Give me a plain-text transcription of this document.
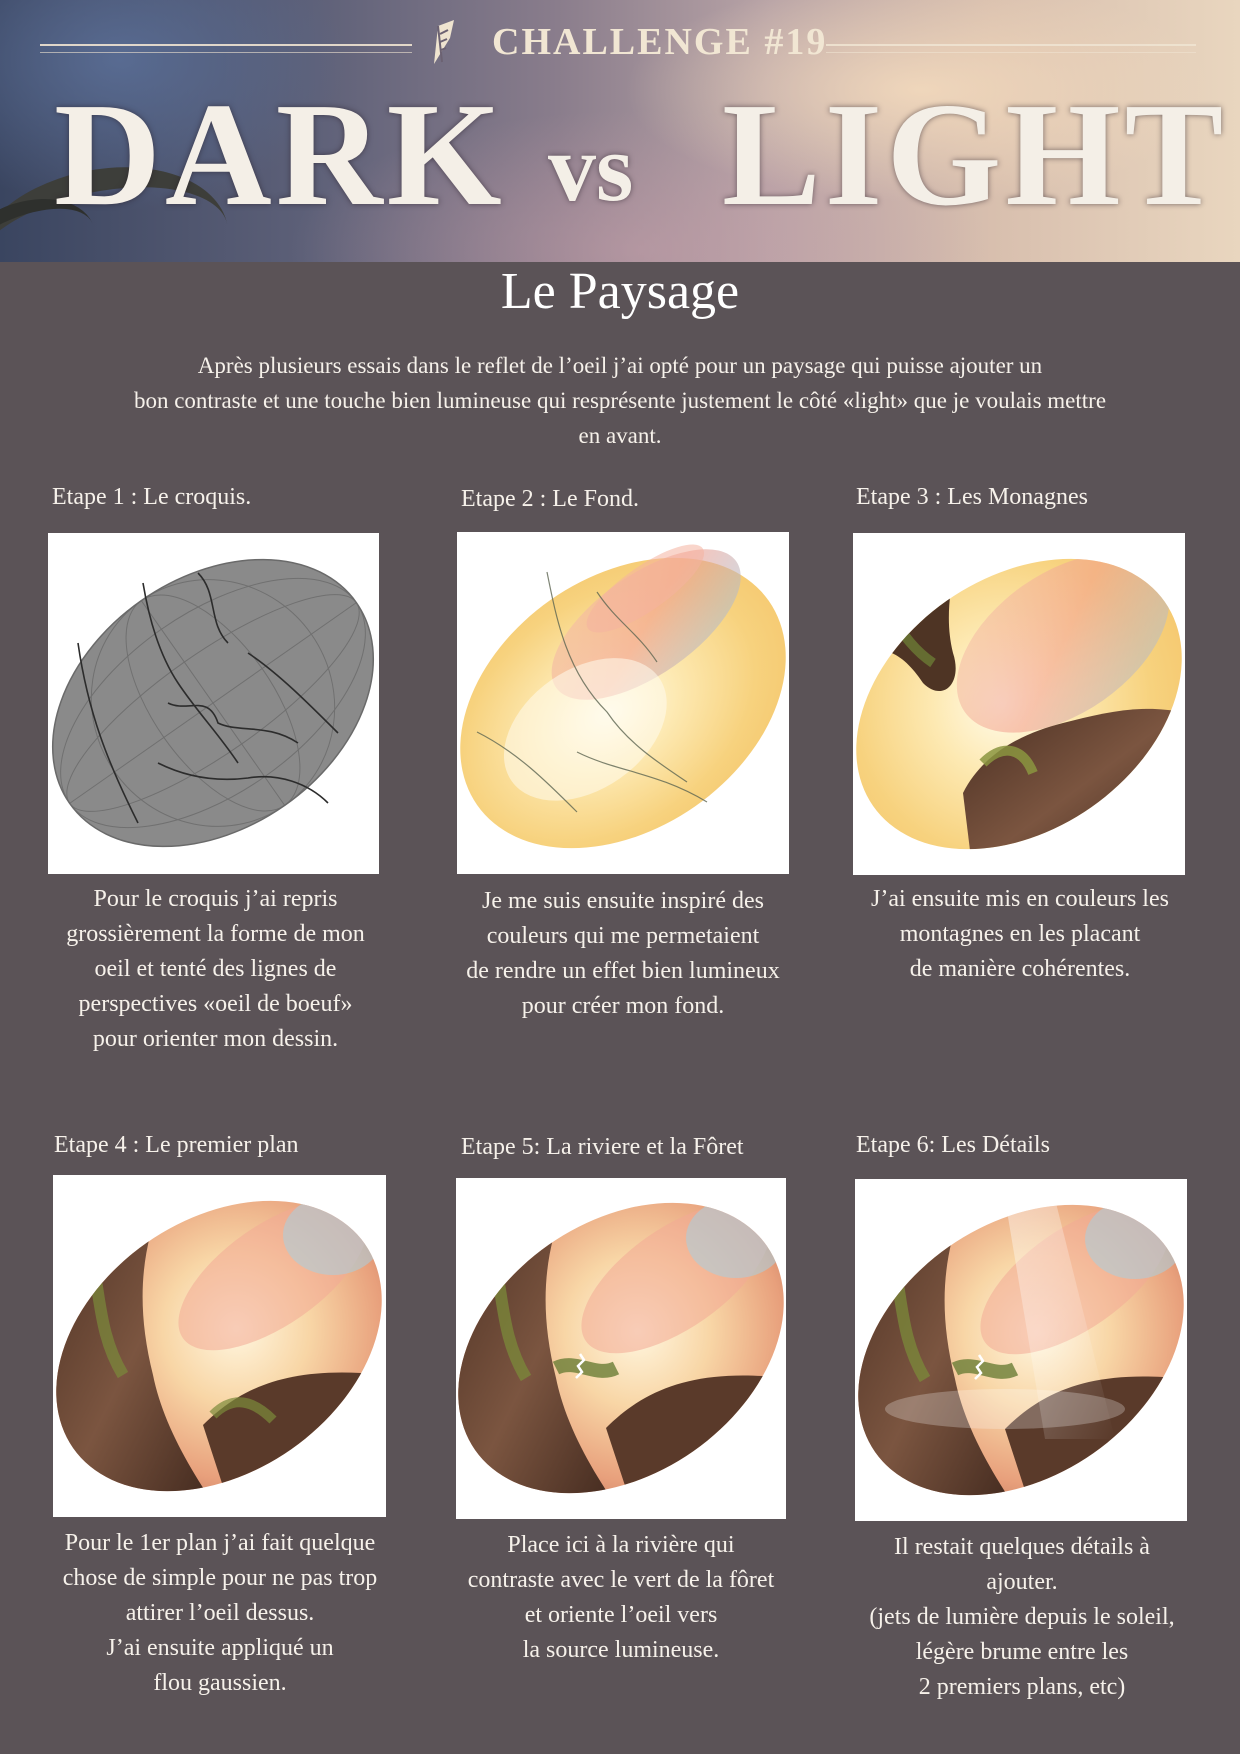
CHALLENGE #19
DARK vs LIGHT
Le Paysage
Après plusieurs essais dans le reflet de l’oeil j’ai opté pour un paysage qui puisse ajouter un
bon contraste et une touche bien lumineuse qui resprésente justement le côté «light» que je voulais mettre
en avant.
Etape 1 : Le croquis.
Pour le croquis j’ai repris
grossièrement la forme de mon
oeil et tenté des lignes de
perspectives «oeil de boeuf»
pour orienter mon dessin.
Etape 2 : Le Fond.
Je me suis ensuite inspiré des
couleurs qui me permetaient
de rendre un effet bien lumineux
pour créer mon fond.
Etape 3 : Les Monagnes
J’ai ensuite mis en couleurs les
montagnes en les placant
de manière cohérentes.
Etape 4 : Le premier plan
Pour le 1er plan j’ai fait quelque
chose de simple pour ne pas trop
attirer l’oeil dessus.
J’ai ensuite appliqué un
flou gaussien.
Etape 5: La riviere et la Fôret
Place ici à la rivière qui
contraste avec le vert de la fôret
et oriente l’oeil vers
la source lumineuse.
Etape 6: Les Détails
Il restait quelques détails à
ajouter.
(jets de lumière depuis le soleil,
légère brume entre les
2 premiers plans, etc)
